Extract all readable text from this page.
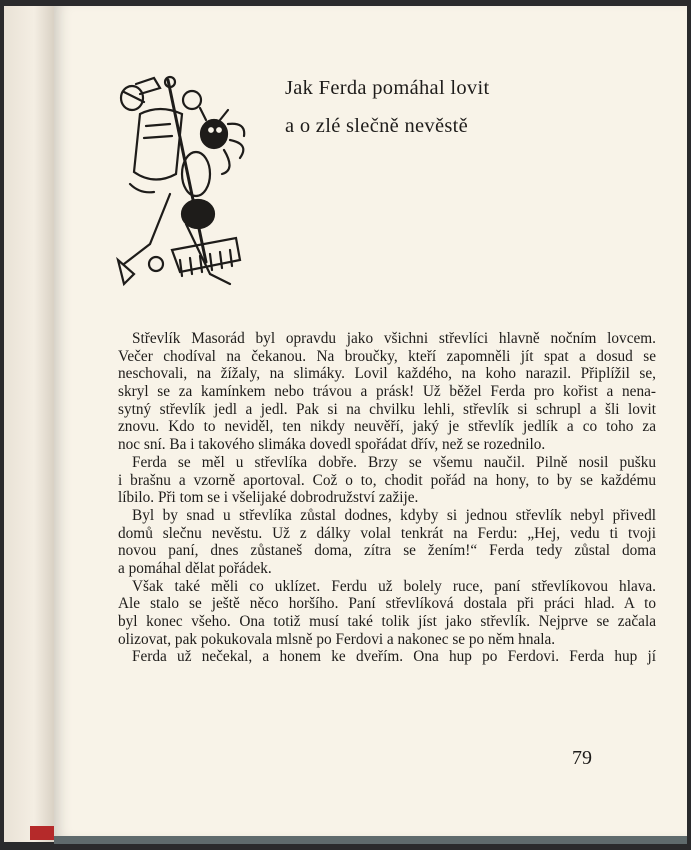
Jak Ferda pomáhal lovit
a o zlé slečně nevěstě
Střevlík Masorád byl opravdu jako všichni střevlíci hlavně nočním lovcem.
Večer chodíval na čekanou. Na broučky, kteří zapomněli jít spat a dosud se
neschovali, na žížaly, na slimáky. Lovil každého, na koho narazil. Připlížil se,
skryl se za kamínkem nebo trávou a prásk! Už běžel Ferda pro kořist a nena-
sytný střevlík jedl a jedl. Pak si na chvilku lehli, střevlík si schrupl a šli lovit
znovu. Kdo to neviděl, ten nikdy neuvěří, jaký je střevlík jedlík a co toho za
noc sní. Ba i takového slimáka dovedl spořádat dřív, než se rozednilo.
Ferda se měl u střevlíka dobře. Brzy se všemu naučil. Pilně nosil pušku
i brašnu a vzorně aportoval. Což o to, chodit pořád na hony, to by se každému
líbilo. Při tom se i všelijaké dobrodružství zažije.
Byl by snad u střevlíka zůstal dodnes, kdyby si jednou střevlík nebyl přivedl
domů slečnu nevěstu. Už z dálky volal tenkrát na Ferdu: „Hej, vedu ti tvoji
novou paní, dnes zůstaneš doma, zítra se žením!“ Ferda tedy zůstal doma
a pomáhal dělat pořádek.
Však také měli co uklízet. Ferdu už bolely ruce, paní střevlíkovou hlava.
Ale stalo se ještě něco horšího. Paní střevlíková dostala při práci hlad. A to
byl konec všeho. Ona totiž musí také tolik jíst jako střevlík. Nejprve se začala
olizovat, pak pokukovala mlsně po Ferdovi a nakonec se po něm hnala.
Ferda už nečekal, a honem ke dveřím. Ona hup po Ferdovi. Ferda hup jí
79
